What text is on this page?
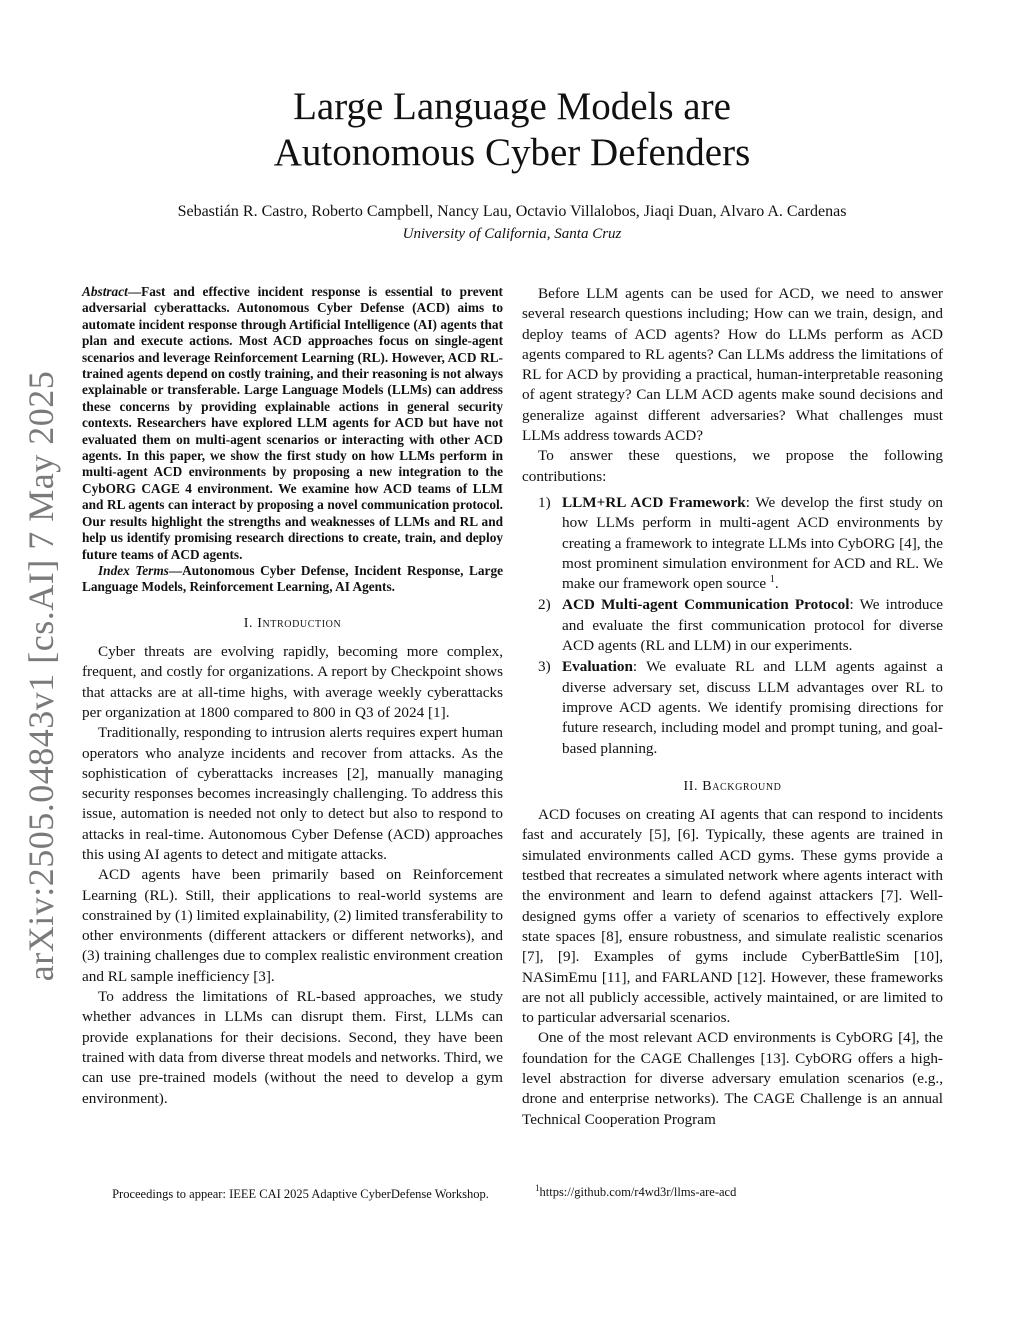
arXiv:2505.04843v1 [cs.AI] 7 May 2025
Large Language Models are
Autonomous Cyber Defenders
Sebastián R. Castro, Roberto Campbell, Nancy Lau, Octavio Villalobos, Jiaqi Duan, Alvaro A. Cardenas
University of California, Santa Cruz

Abstract—Fast and effective incident response is essential to prevent adversarial cyberattacks. Autonomous Cyber Defense (ACD) aims to automate incident response through Artificial Intelligence (AI) agents that plan and execute actions. Most ACD approaches focus on single-agent scenarios and leverage Reinforcement Learning (RL). However, ACD RL-trained agents depend on costly training, and their reasoning is not always explainable or transferable. Large Language Models (LLMs) can address these concerns by providing explainable actions in general security contexts. Researchers have explored LLM agents for ACD but have not evaluated them on multi-agent scenarios or interacting with other ACD agents. In this paper, we show the first study on how LLMs perform in multi-agent ACD environments by proposing a new integration to the CybORG CAGE 4 environment. We examine how ACD teams of LLM and RL agents can interact by proposing a novel communication protocol. Our results highlight the strengths and weaknesses of LLMs and RL and help us identify promising research directions to create, train, and deploy future teams of ACD agents.

Index Terms—Autonomous Cyber Defense, Incident Response, Large Language Models, Reinforcement Learning, AI Agents.

I. Introduction

Cyber threats are evolving rapidly, becoming more complex, frequent, and costly for organizations. A report by Checkpoint shows that attacks are at all-time highs, with average weekly cyberattacks per organization at 1800 compared to 800 in Q3 of 2024 [1].

Traditionally, responding to intrusion alerts requires expert human operators who analyze incidents and recover from attacks. As the sophistication of cyberattacks increases [2], manually managing security responses becomes increasingly challenging. To address this issue, automation is needed not only to detect but also to respond to attacks in real-time. Autonomous Cyber Defense (ACD) approaches this using AI agents to detect and mitigate attacks.

ACD agents have been primarily based on Reinforcement Learning (RL). Still, their applications to real-world systems are constrained by (1) limited explainability, (2) limited transferability to other environments (different attackers or different networks), and (3) training challenges due to complex realistic environment creation and RL sample inefficiency [3].

To address the limitations of RL-based approaches, we study whether advances in LLMs can disrupt them. First, LLMs can provide explanations for their decisions. Second, they have been trained with data from diverse threat models and networks. Third, we can use pre-trained models (without the need to develop a gym environment).

Before LLM agents can be used for ACD, we need to answer several research questions including; How can we train, design, and deploy teams of ACD agents? How do LLMs perform as ACD agents compared to RL agents? Can LLMs address the limitations of RL for ACD by providing a practical, human-interpretable reasoning of agent strategy? Can LLM ACD agents make sound decisions and generalize against different adversaries? What challenges must LLMs address towards ACD?

To answer these questions, we propose the following contributions:

1) LLM+RL ACD Framework: We develop the first study on how LLMs perform in multi-agent ACD environments by creating a framework to integrate LLMs into CybORG [4], the most prominent simulation environment for ACD and RL. We make our framework open source $^1$.
2) ACD Multi-agent Communication Protocol: We introduce and evaluate the first communication protocol for diverse ACD agents (RL and LLM) in our experiments.
3) Evaluation: We evaluate RL and LLM agents against a diverse adversary set, discuss LLM advantages over RL to improve ACD agents. We identify promising directions for future research, including model and prompt tuning, and goal-based planning.
II. Background

ACD focuses on creating AI agents that can respond to incidents fast and accurately [5], [6]. Typically, these agents are trained in simulated environments called ACD gyms. These gyms provide a testbed that recreates a simulated network where agents interact with the environment and learn to defend against attackers [7]. Well-designed gyms offer a variety of scenarios to effectively explore state spaces [8], ensure robustness, and simulate realistic scenarios [7], [9]. Examples of gyms include CyberBattleSim [10], NASimEmu [11], and FARLAND [12]. However, these frameworks are not all publicly accessible, actively maintained, or are limited to to particular adversarial scenarios.

One of the most relevant ACD environments is CybORG [4], the foundation for the CAGE Challenges [13]. CybORG offers a high-level abstraction for diverse adversary emulation scenarios (e.g., drone and enterprise networks). The CAGE Challenge is an annual Technical Cooperation Program

Proceedings to appear: IEEE CAI 2025 Adaptive CyberDefense Workshop.	$^1$https://github.com/r4wd3r/llms-are-acd
